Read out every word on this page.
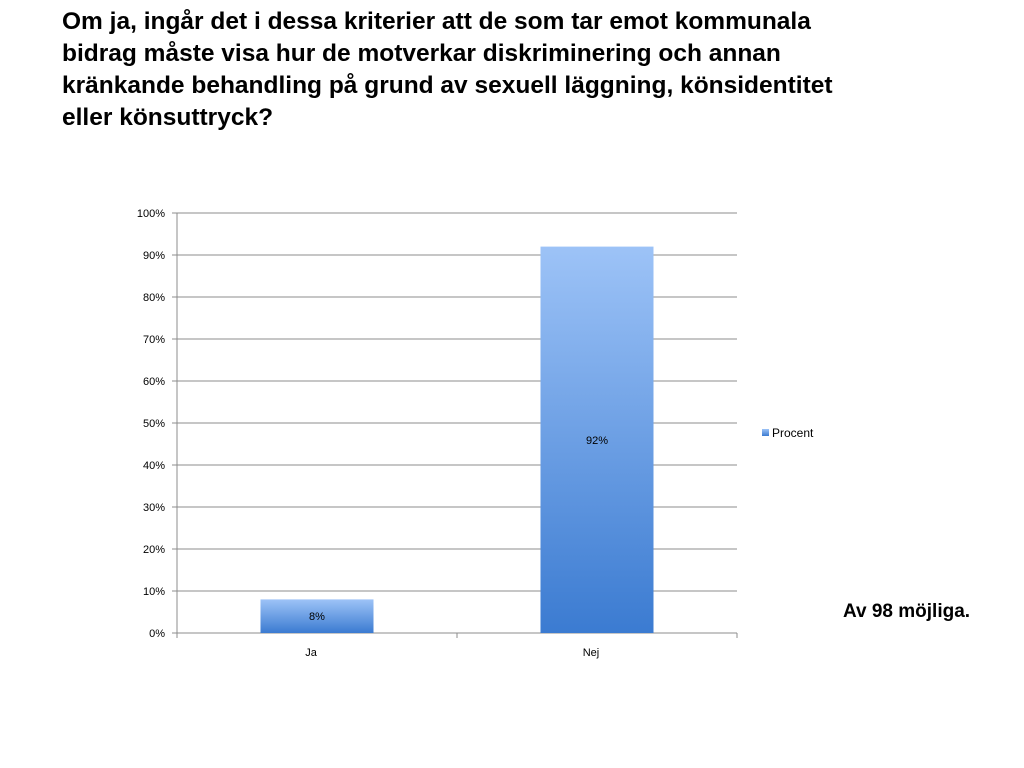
Om ja, ingår det i dessa kriterier att de som tar emot kommunala
bidrag måste visa hur de motverkar diskriminering och annan
kränkande behandling på grund av sexuell läggning, könsidentitet
eller könsuttryck?
0%
10%
20%
30%
40%
50%
60%
70%
80%
90%
100%
8%
Ja
92%
Nej
Procent
Av 98 möjliga.
